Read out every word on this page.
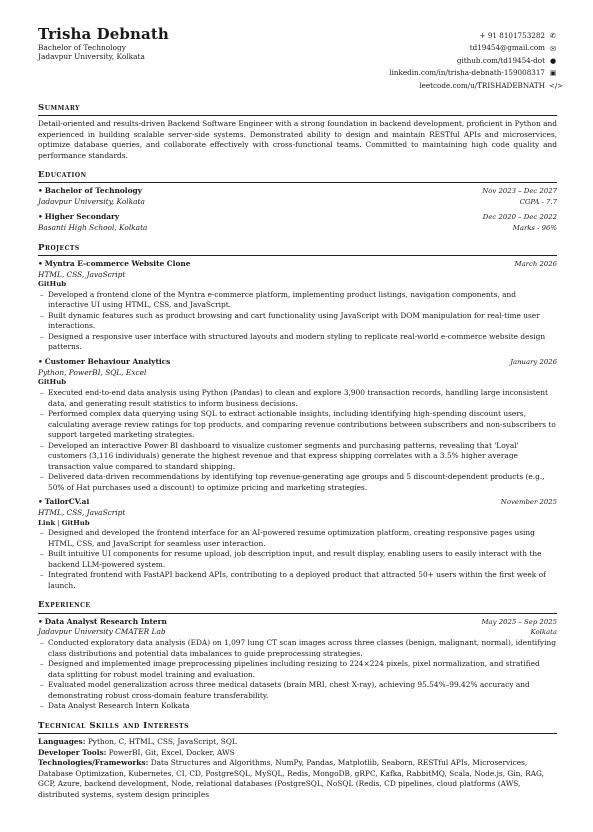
Trisha Debnath
Bachelor of Technology
Jadavpur University, Kolkata
+ 91 8101753282 ✆
td19454@gmail.com ✉
github.com/td19454-dot ●
linkedin.com/in/trisha-debnath-159008317 ▣
leetcode.com/u/TRISHADEBNATH </>
Summary
Detail-oriented and results-driven Backend Software Engineer with a strong foundation in backend development, proficient in Python and experienced in building scalable server-side systems. Demonstrated ability to design and maintain RESTful APIs and microservices, optimize database queries, and collaborate effectively with cross-functional teams. Committed to maintaining high code quality and performance standards.
Education
• Bachelor of Technology	Nov 2023 – Dec 2027
Jadavpur University, Kolkata	CGPA - 7.7
• Higher Secondary	Dec 2020 – Dec 2022
Basanti High School, Kolkata	Marks - 96%
Projects
• Myntra E-commerce Website Clone	March 2026
HTML, CSS, JavaScript
GitHub
– Developed a frontend clone of the Myntra e-commerce platform, implementing product listings, navigation components, and interactive UI using HTML, CSS, and JavaScript.
– Built dynamic features such as product browsing and cart functionality using JavaScript with DOM manipulation for real-time user interactions.
– Designed a responsive user interface with structured layouts and modern styling to replicate real-world e-commerce website design patterns.
• Customer Behaviour Analytics	January 2026
Python, PowerBI, SQL, Excel
GitHub
– Executed end-to-end data analysis using Python (Pandas) to clean and explore 3,900 transaction records, handling large inconsistent data, and generating result statistics to inform business decisions.
– Performed complex data querying using SQL to extract actionable insights, including identifying high-spending discount users, calculating average review ratings for top products, and comparing revenue contributions between subscribers and non-subscribers to support targeted marketing strategies.
– Developed an interactive Power BI dashboard to visualize customer segments and purchasing patterns, revealing that 'Loyal' customers (3,116 individuals) generate the highest revenue and that express shipping correlates with a 3.5% higher average transaction value compared to standard shipping.
– Delivered data-driven recommendations by identifying top revenue-generating age groups and 5 discount-dependent products (e.g., 50% of Hat purchases used a discount) to optimize pricing and marketing strategies.
• TailorCV.ai	November 2025
HTML, CSS, JavaScript
Link | GitHub
– Designed and developed the frontend interface for an AI-powered resume optimization platform, creating responsive pages using HTML, CSS, and JavaScript for seamless user interaction.
– Built intuitive UI components for resume upload, job description input, and result display, enabling users to easily interact with the backend LLM-powered system.
– Integrated frontend with FastAPI backend APIs, contributing to a deployed product that attracted 50+ users within the first week of launch.
Experience
• Data Analyst Research Intern	May 2025 – Sep 2025
Jadavpur University CMATER Lab	Kolkata
– Conducted exploratory data analysis (EDA) on 1,097 lung CT scan images across three classes (benign, malignant, normal), identifying class distributions and potential data imbalances to guide preprocessing strategies.
– Designed and implemented image preprocessing pipelines including resizing to 224×224 pixels, pixel normalization, and stratified data splitting for robust model training and evaluation.
– Evaluated model generalization across three medical datasets (brain MRI, chest X-ray), achieving 95.54%–99.42% accuracy and demonstrating robust cross-domain feature transferability.
– Data Analyst Research Intern Kolkata
Technical Skills and Interests

Languages: Python, C, HTML, CSS, JavaScript, SQL

Developer Tools: PowerBI, Git, Excel, Docker, AWS

Technologies/Frameworks: Data Structures and Algorithms, NumPy, Pandas, Matplotlib, Seaborn, RESTful APIs, Microservices, Database Optimization, Kubernetes, CI, CD, PostgreSQL, MySQL, Redis, MongoDB, gRPC, Kafka, RabbitMQ, Scala, Node.js, Gin, RAG, GCP, Azure, backend development, Node, relational databases (PostgreSQL, NoSQL (Redis, CD pipelines, cloud platforms (AWS, distributed systems, system design principles
